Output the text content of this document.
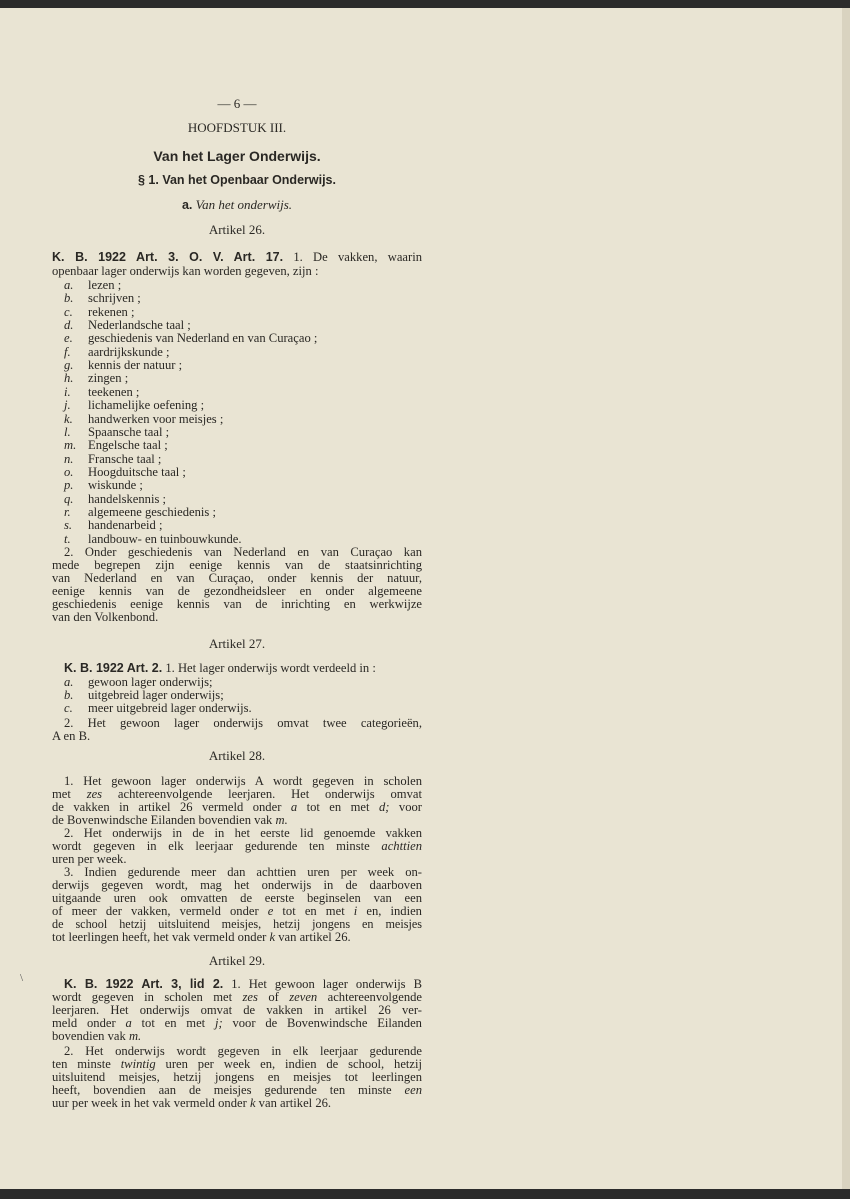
— 6 —
HOOFDSTUK III.
Van het Lager Onderwijs.
§ 1. Van het Openbaar Onderwijs.
a. Van het onderwijs.
Artikel 26.
K. B. 1922 Art. 3. O. V. Art. 17. 1. De vakken, waarin
openbaar lager onderwijs kan worden gegeven, zijn :
a. lezen ;
b. schrijven ;
c. rekenen ;
d. Nederlandsche taal ;
e. geschiedenis van Nederland en van Curaçao ;
f. aardrijkskunde ;
g. kennis der natuur ;
h. zingen ;
i. teekenen ;
j. lichamelijke oefening ;
k. handwerken voor meisjes ;
l. Spaansche taal ;
m. Engelsche taal ;
n. Fransche taal ;
o. Hoogduitsche taal ;
p. wiskunde ;
q. handelskennis ;
r. algemeene geschiedenis ;
s. handenarbeid ;
t. landbouw- en tuinbouwkunde.
2. Onder geschiedenis van Nederland en van Curaçao kan
mede begrepen zijn eenige kennis van de staatsinrichting
van Nederland en van Curaçao, onder kennis der natuur,
eenige kennis van de gezondheidsleer en onder algemeene
geschiedenis eenige kennis van de inrichting en werkwijze
van den Volkenbond.
Artikel 27.
K. B. 1922 Art. 2. 1. Het lager onderwijs wordt verdeeld in :
a. gewoon lager onderwijs;
b. uitgebreid lager onderwijs;
c. meer uitgebreid lager onderwijs.
2. Het gewoon lager onderwijs omvat twee categorieën,
A en B.
Artikel 28.
1. Het gewoon lager onderwijs A wordt gegeven in scholen
met zes achtereenvolgende leerjaren. Het onderwijs omvat
de vakken in artikel 26 vermeld onder a tot en met d; voor
de Bovenwindsche Eilanden bovendien vak m.
2. Het onderwijs in de in het eerste lid genoemde vakken
wordt gegeven in elk leerjaar gedurende ten minste achttien
uren per week.
3. Indien gedurende meer dan achttien uren per week on-
derwijs gegeven wordt, mag het onderwijs in de daarboven
uitgaande uren ook omvatten de eerste beginselen van een
of meer der vakken, vermeld onder e tot en met i en, indien
de school hetzij uitsluitend meisjes, hetzij jongens en meisjes
tot leerlingen heeft, het vak vermeld onder k van artikel 26.
Artikel 29.
\	K. B. 1922 Art. 3, lid 2. 1. Het gewoon lager onderwijs B
wordt gegeven in scholen met zes of zeven achtereenvolgende
leerjaren. Het onderwijs omvat de vakken in artikel 26 ver-
meld onder a tot en met j; voor de Bovenwindsche Eilanden
bovendien vak m.
2. Het onderwijs wordt gegeven in elk leerjaar gedurende
ten minste twintig uren per week en, indien de school, hetzij
uitsluitend meisjes, hetzij jongens en meisjes tot leerlingen
heeft, bovendien aan de meisjes gedurende ten minste een
uur per week in het vak vermeld onder k van artikel 26.
